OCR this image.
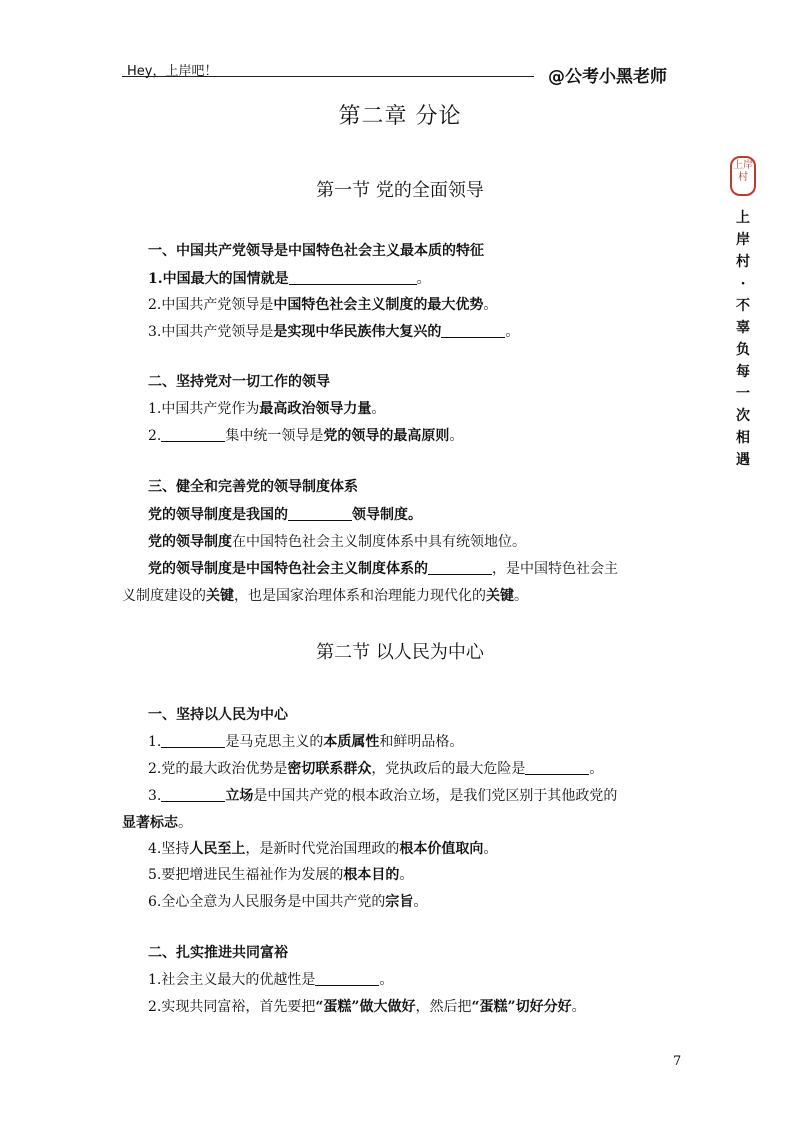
Hey，上岸吧！	@公考小黑老师
上岸村
上
岸
村
·
不
辜
负
每
一
次
相
遇
第二章 分论
第一节 党的全面领导
一、中国共产党领导是中国特色社会主义最本质的特征
1.中国最大的国情就是	。
2.中国共产党领导是中国特色社会主义制度的最大优势。
3.中国共产党领导是是实现中华民族伟大复兴的	。
二、坚持党对一切工作的领导
1.中国共产党作为最高政治领导力量。
2.	集中统一领导是党的领导的最高原则。
三、健全和完善党的领导制度体系
党的领导制度是我国的	领导制度。
党的领导制度在中国特色社会主义制度体系中具有统领地位。
党的领导制度是中国特色社会主义制度体系的	，是中国特色社会主
义制度建设的关键，也是国家治理体系和治理能力现代化的关键。
第二节 以人民为中心
一、坚持以人民为中心
1.	是马克思主义的本质属性和鲜明品格。
2.党的最大政治优势是密切联系群众，党执政后的最大危险是	。
3.	立场是中国共产党的根本政治立场，是我们党区别于其他政党的
显著标志。
4.坚持人民至上，是新时代党治国理政的根本价值取向。
5.要把增进民生福祉作为发展的根本目的。
6.全心全意为人民服务是中国共产党的宗旨。
二、扎实推进共同富裕
1.社会主义最大的优越性是	。
2.实现共同富裕，首先要把“蛋糕”做大做好，然后把“蛋糕”切好分好。
7
